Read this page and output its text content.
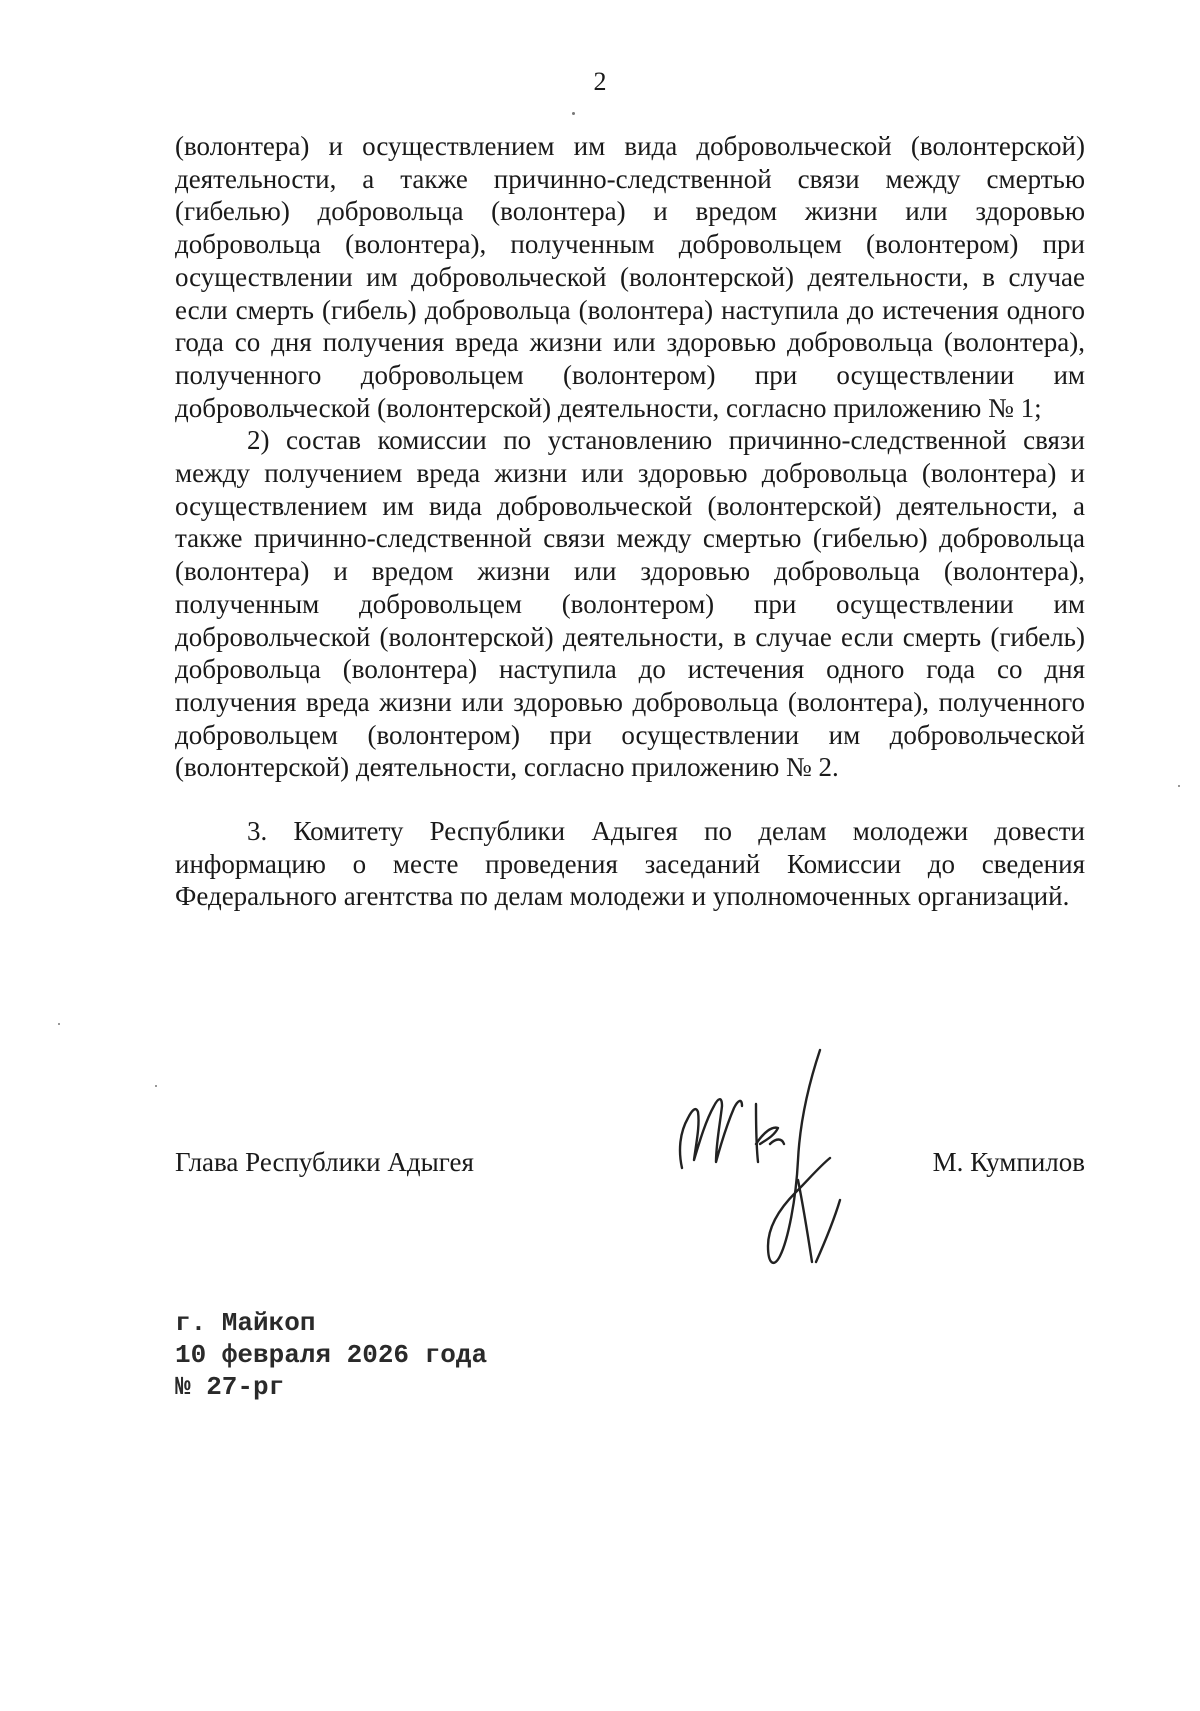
2

(волонтера) и осуществлением им вида добровольческой (волонтерской) деятельности, а также причинно-следственной связи между смертью (гибелью) добровольца (волонтера) и вредом жизни или здоровью добровольца (волонтера), полученным добровольцем (волонтером) при осуществлении им добровольческой (волонтерской) деятельности, в случае если смерть (гибель) добровольца (волонтера) наступила до истечения одного года со дня получения вреда жизни или здоровью добровольца (волонтера), полученного добровольцем (волонтером) при осуществлении им добровольческой (волонтерской) деятельности, согласно приложению № 1;

2) состав комиссии по установлению причинно-следственной связи между получением вреда жизни или здоровью добровольца (волонтера) и осуществлением им вида добровольческой (волонтерской) деятельности, а также причинно-следственной связи между смертью (гибелью) добровольца (волонтера) и вредом жизни или здоровью добровольца (волонтера), полученным добровольцем (волонтером) при осуществлении им добровольческой (волонтерской) деятельности, в случае если смерть (гибель) добровольца (волонтера) наступила до истечения одного года со дня получения вреда жизни или здоровью добровольца (волонтера), полученного добровольцем (волонтером) при осуществлении им добровольческой (волонтерской) деятельности, согласно приложению № 2.

3. Комитету Республики Адыгея по делам молодежи довести информацию о месте проведения заседаний Комиссии до сведения Федерального агентства по делам молодежи и уполномоченных организаций.

Глава Республики Адыгея	М. Кумпилов
г. Майкоп
10 февраля 2026 года
№ 27-рг
